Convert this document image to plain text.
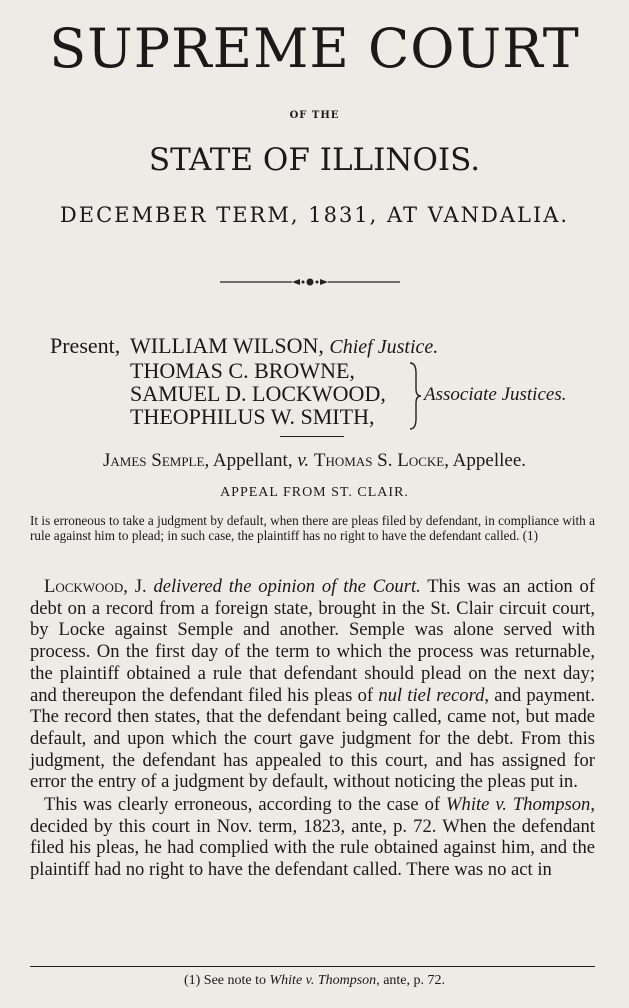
SUPREME COURT
OF THE
STATE OF ILLINOIS.
DECEMBER TERM, 1831, AT VANDALIA.
Present, WILLIAM WILSON, Chief Justice.
THOMAS C. BROWNE,
SAMUEL D. LOCKWOOD,
THEOPHILUS W. SMITH,
Associate Justices.
James Semple, Appellant, v. Thomas S. Locke, Appellee.
APPEAL FROM ST. CLAIR.
It is erroneous to take a judgment by default, when there are pleas filed by defendant, in compliance with a rule against him to plead; in such case, the plaintiff has no right to have the defendant called. (1)

Lockwood, J. delivered the opinion of the Court. This was an action of debt on a record from a foreign state, brought in the St. Clair circuit court, by Locke against Semple and another. Semple was alone served with process. On the first day of the term to which the process was returnable, the plaintiff obtained a rule that defendant should plead on the next day; and thereupon the defendant filed his pleas of nul tiel record, and payment. The record then states, that the defendant being called, came not, but made default, and upon which the court gave judgment for the debt. From this judgment, the defendant has appealed to this court, and has assigned for error the entry of a judgment by default, without noticing the pleas put in.

This was clearly erroneous, according to the case of White v. Thompson, decided by this court in Nov. term, 1823, ante, p. 72. When the defendant filed his pleas, he had complied with the rule obtained against him, and the plaintiff had no right to have the defendant called. There was no act in

(1) See note to White v. Thompson, ante, p. 72.
